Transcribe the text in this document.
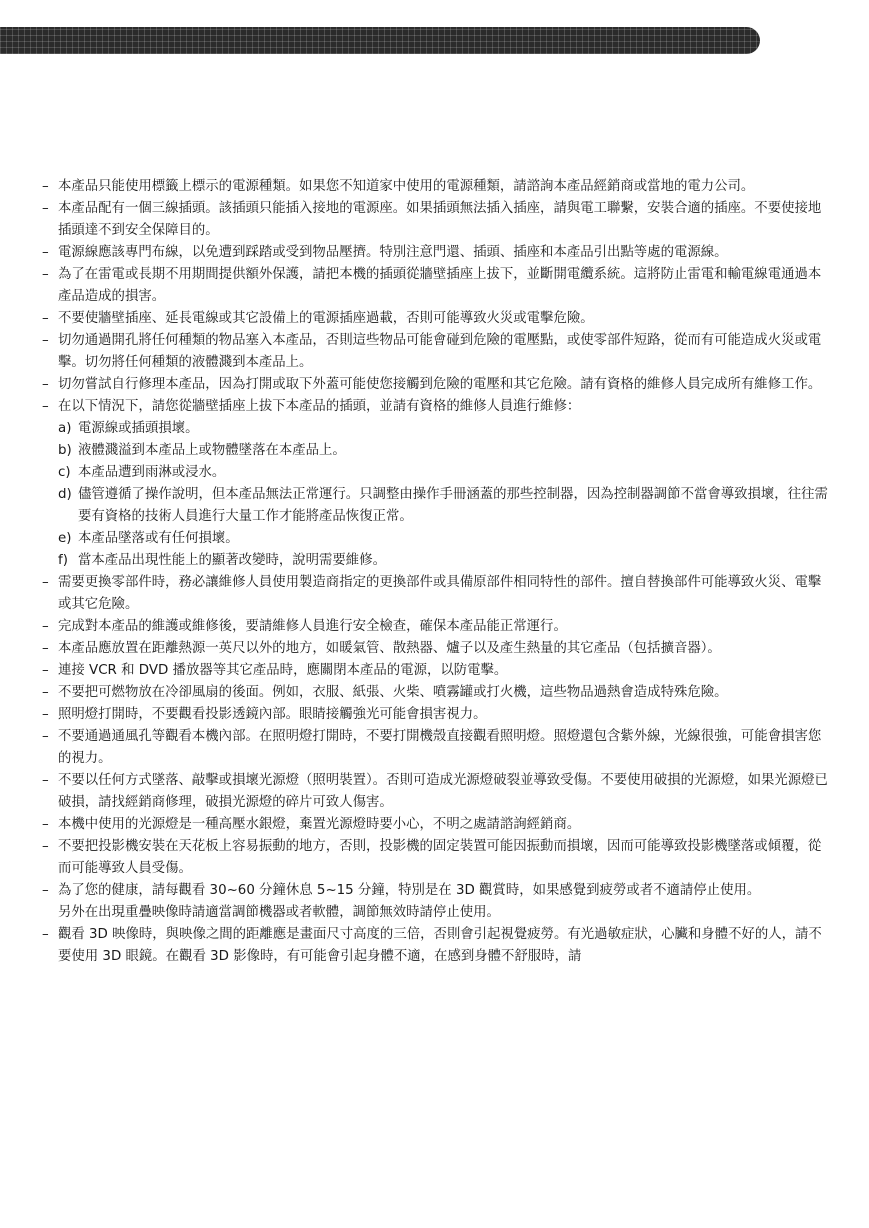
– 本產品只能使用標籤上標示的電源種類。如果您不知道家中使用的電源種類，請諮詢本產品經銷商或當地的電力公司。

– 本產品配有一個三線插頭。該插頭只能插入接地的電源座。如果插頭無法插入插座，請與電工聯繫，安裝合適的插座。不要使接地插頭達不到安全保障目的。

– 電源線應該專門布線，以免遭到踩踏或受到物品壓擠。特別注意門還、插頭、插座和本產品引出點等處的電源線。

– 為了在雷電或長期不用期間提供額外保護，請把本機的插頭從牆壁插座上拔下，並斷開電纜系統。這將防止雷電和輸電線電通過本產品造成的損害。

– 不要使牆壁插座、延長電線或其它設備上的電源插座過載，否則可能導致火災或電擊危險。

– 切勿通過開孔將任何種類的物品塞入本產品，否則這些物品可能會碰到危險的電壓點，或使零部件短路，從而有可能造成火災或電擊。切勿將任何種類的液體濺到本產品上。

– 切勿嘗試自行修理本產品，因為打開或取下外蓋可能使您接觸到危險的電壓和其它危險。請有資格的維修人員完成所有維修工作。

– 在以下情況下，請您從牆壁插座上拔下本產品的插頭，並請有資格的維修人員進行維修：

a) 電源線或插頭損壞。

b) 液體濺溢到本產品上或物體墜落在本產品上。

c) 本產品遭到雨淋或浸水。

d) 儘管遵循了操作說明，但本產品無法正常運行。只調整由操作手冊涵蓋的那些控制器，因為控制器調節不當會導致損壞，往往需要有資格的技術人員進行大量工作才能將產品恢復正常。

e) 本產品墜落或有任何損壞。

f) 當本產品出現性能上的顯著改變時，說明需要維修。

– 需要更換零部件時，務必讓維修人員使用製造商指定的更換部件或具備原部件相同特性的部件。擅自替換部件可能導致火災、電擊或其它危險。

– 完成對本產品的維護或維修後，要請維修人員進行安全檢查，確保本產品能正常運行。

– 本產品應放置在距離熱源一英尺以外的地方，如暖氣管、散熱器、爐子以及產生熱量的其它產品（包括擴音器）。

– 連接 VCR 和 DVD 播放器等其它產品時，應關閉本產品的電源，以防電擊。

– 不要把可燃物放在冷卻風扇的後面。例如，衣服、紙張、火柴、噴霧罐或打火機，這些物品過熱會造成特殊危險。

– 照明燈打開時，不要觀看投影透鏡內部。眼睛接觸強光可能會損害視力。

– 不要通過通風孔等觀看本機內部。在照明燈打開時，不要打開機殼直接觀看照明燈。照燈還包含紫外線，光線很強，可能會損害您的視力。

– 不要以任何方式墜落、敲擊或損壞光源燈（照明裝置）。否則可造成光源燈破裂並導致受傷。不要使用破損的光源燈，如果光源燈已破損，請找經銷商修理，破損光源燈的碎片可致人傷害。

– 本機中使用的光源燈是一種高壓水銀燈，棄置光源燈時要小心，不明之處請諮詢經銷商。

– 不要把投影機安裝在天花板上容易振動的地方，否則，投影機的固定裝置可能因振動而損壞，因而可能導致投影機墜落或傾覆，從而可能導致人員受傷。

– 為了您的健康，請每觀看 30~60 分鐘休息 5~15 分鐘，特別是在 3D 觀賞時，如果感覺到疲勞或者不適請停止使用。

另外在出現重疊映像時請適當調節機器或者軟體，調節無效時請停止使用。

– 觀看 3D 映像時，與映像之間的距離應是畫面尺寸高度的三倍，否則會引起視覺疲勞。有光過敏症狀，心臟和身體不好的人，請不要使用 3D 眼鏡。在觀看 3D 影像時，有可能會引起身體不適，在感到身體不舒服時，請
